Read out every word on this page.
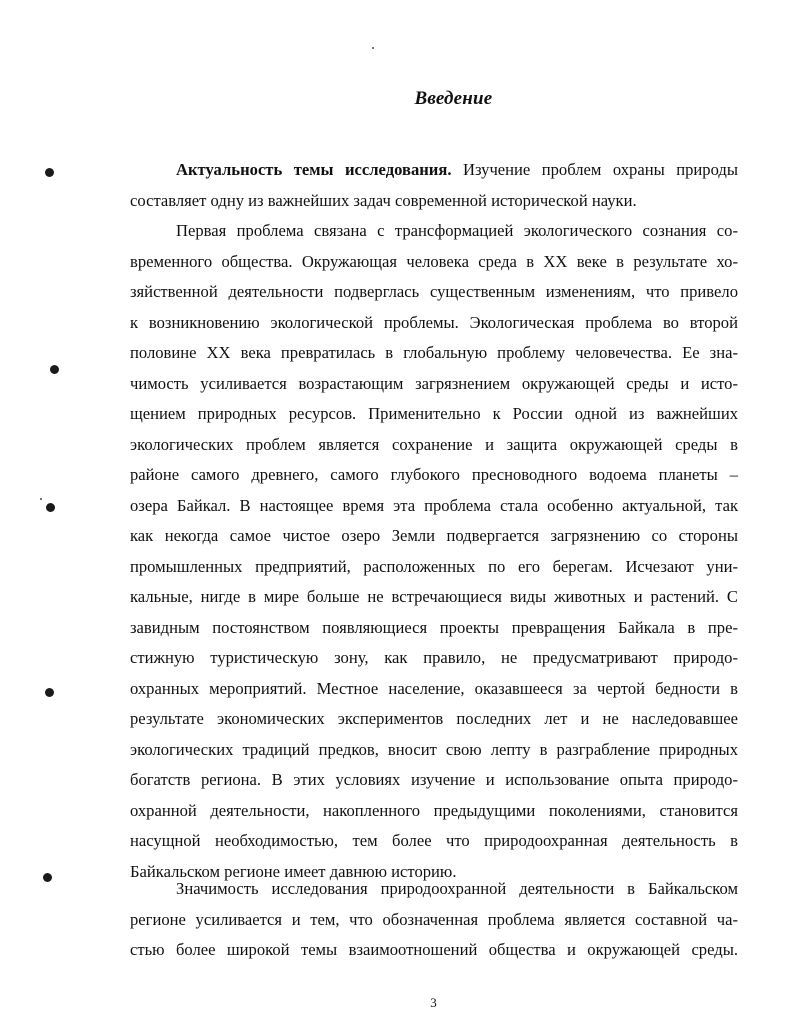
Введение
Актуальность темы исследования. Изучение проблем охраны природы
составляет одну из важнейших задач современной исторической науки.
Первая проблема связана с трансформацией экологического сознания со-
временного общества. Окружающая человека среда в XX веке в результате хо-
зяйственной деятельности подверглась существенным изменениям, что привело
к возникновению экологической проблемы. Экологическая проблема во второй
половине XX века превратилась в глобальную проблему человечества. Ее зна-
чимость усиливается возрастающим загрязнением окружающей среды и исто-
щением природных ресурсов. Применительно к России одной из важнейших
экологических проблем является сохранение и защита окружающей среды в
районе самого древнего, самого глубокого пресноводного водоема планеты –
озера Байкал. В настоящее время эта проблема стала особенно актуальной, так
как некогда самое чистое озеро Земли подвергается загрязнению со стороны
промышленных предприятий, расположенных по его берегам. Исчезают уни-
кальные, нигде в мире больше не встречающиеся виды животных и растений. С
завидным постоянством появляющиеся проекты превращения Байкала в пре-
стижную туристическую зону, как правило, не предусматривают природо-
охранных мероприятий. Местное население, оказавшееся за чертой бедности в
результате экономических экспериментов последних лет и не наследовавшее
экологических традиций предков, вносит свою лепту в разграбление природных
богатств региона. В этих условиях изучение и использование опыта природо-
охранной деятельности, накопленного предыдущими поколениями, становится
насущной необходимостью, тем более что природоохранная деятельность в
Байкальском регионе имеет давнюю историю.
Значимость исследования природоохранной деятельности в Байкальском
регионе усиливается и тем, что обозначенная проблема является составной ча-
стью более широкой темы взаимоотношений общества и окружающей среды.
3
